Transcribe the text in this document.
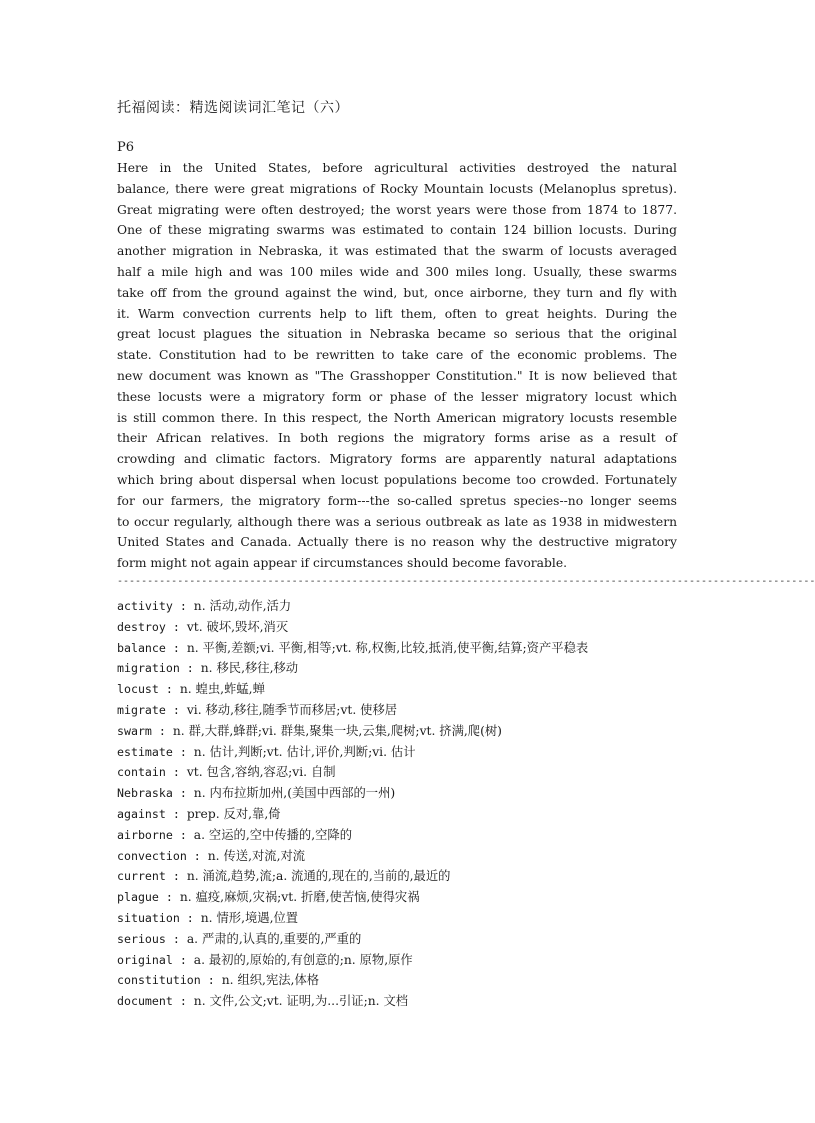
托福阅读：精选阅读词汇笔记（六）
P6
Here in the United States, before agricultural activities destroyed the natural
balance, there were great migrations of Rocky Mountain locusts (Melanoplus spretus).
Great migrating were often destroyed; the worst years were those from 1874 to 1877.
One of these migrating swarms was estimated to contain 124 billion locusts. During
another migration in Nebraska, it was estimated that the swarm of locusts averaged
half a mile high and was 100 miles wide and 300 miles long. Usually, these swarms
take off from the ground against the wind, but, once airborne, they turn and fly with
it. Warm convection currents help to lift them, often to great heights. During the
great locust plagues the situation in Nebraska became so serious that the original
state. Constitution had to be rewritten to take care of the economic problems. The
new document was known as "The Grasshopper Constitution." It is now believed that
these locusts were a migratory form or phase of the lesser migratory locust which
is still common there. In this respect, the North American migratory locusts resemble
their African relatives. In both regions the migratory forms arise as a result of
crowding and climatic factors. Migratory forms are apparently natural adaptations
which bring about dispersal when locust populations become too crowded. Fortunately
for our farmers, the migratory form---the so-called spretus species--no longer seems
to occur regularly, although there was a serious outbreak as late as 1938 in midwestern
United States and Canada. Actually there is no reason why the destructive migratory
form might not again appear if circumstances should become favorable.
--------------------------------------------------------------------------------------------------------------------
activity : n. 活动,动作,活力
destroy : vt. 破坏,毁坏,消灭
balance : n. 平衡,差额;vi. 平衡,相等;vt. 称,权衡,比较,抵消,使平衡,结算;资产平稳表
migration : n. 移民,移往,移动
locust : n. 蝗虫,蚱蜢,蝉
migrate : vi. 移动,移往,随季节而移居;vt. 使移居
swarm : n. 群,大群,蜂群;vi. 群集,聚集一块,云集,爬树;vt. 挤满,爬(树)
estimate : n. 估计,判断;vt. 估计,评价,判断;vi. 估计
contain : vt. 包含,容纳,容忍;vi. 自制
Nebraska : n. 内布拉斯加州,(美国中西部的一州)
against : prep. 反对,靠,倚
airborne : a. 空运的,空中传播的,空降的
convection : n. 传送,对流,对流
current : n. 涌流,趋势,流;a. 流通的,现在的,当前的,最近的
plague : n. 瘟疫,麻烦,灾祸;vt. 折磨,使苦恼,使得灾祸
situation : n. 情形,境遇,位置
serious : a. 严肃的,认真的,重要的,严重的
original : a. 最初的,原始的,有创意的;n. 原物,原作
constitution : n. 组织,宪法,体格
document : n. 文件,公文;vt. 证明,为...引证;n. 文档
